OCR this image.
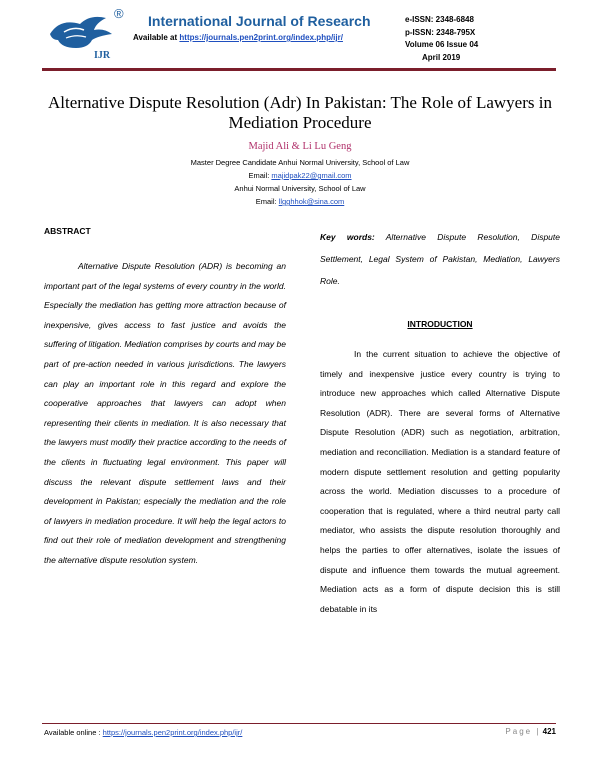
IJR
® International Journal of Research
Available at https://journals.pen2print.org/index.php/ijr/
e-ISSN: 2348-6848
p-ISSN: 2348-795X
Volume 06 Issue 04
April 2019
Alternative Dispute Resolution (Adr) In Pakistan: The Role of Lawyers in Mediation Procedure
Majid Ali & Li Lu Geng
Master Degree Candidate Anhui Normal University, School of Law
Email: majidpak22@gmail.com
Anhui Normal University, School of Law
Email: llgghhok@sina.com

ABSTRACT

Alternative Dispute Resolution (ADR) is becoming an important part of the legal systems of every country in the world. Especially the mediation has getting more attraction because of inexpensive, gives access to fast justice and avoids the suffering of litigation. Mediation comprises by courts and may be part of pre-action needed in various jurisdictions. The lawyers can play an important role in this regard and explore the cooperative approaches that lawyers can adopt when representing their clients in mediation. It is also necessary that the lawyers must modify their practice according to the needs of the clients in fluctuating legal environment. This paper will discuss the relevant dispute settlement laws and their development in Pakistan; especially the mediation and the role of lawyers in mediation procedure. It will help the legal actors to find out their role of mediation development and strengthening the alternative dispute resolution system.

Key words: Alternative Dispute Resolution, Dispute Settlement, Legal System of Pakistan, Mediation, Lawyers Role.

INTRODUCTION

In the current situation to achieve the objective of timely and inexpensive justice every country is trying to introduce new approaches which called Alternative Dispute Resolution (ADR). There are several forms of Alternative Dispute Resolution (ADR) such as negotiation, arbitration, mediation and reconciliation. Mediation is a standard feature of modern dispute settlement resolution and getting popularity across the world. Mediation discusses to a procedure of cooperation that is regulated, where a third neutral party call mediator, who assists the dispute resolution thoroughly and helps the parties to offer alternatives, isolate the issues of dispute and influence them towards the mutual agreement. Mediation acts as a form of dispute decision this is still debatable in its

Available online : https://journals.pen2print.org/index.php/ijr/	Page | 421
